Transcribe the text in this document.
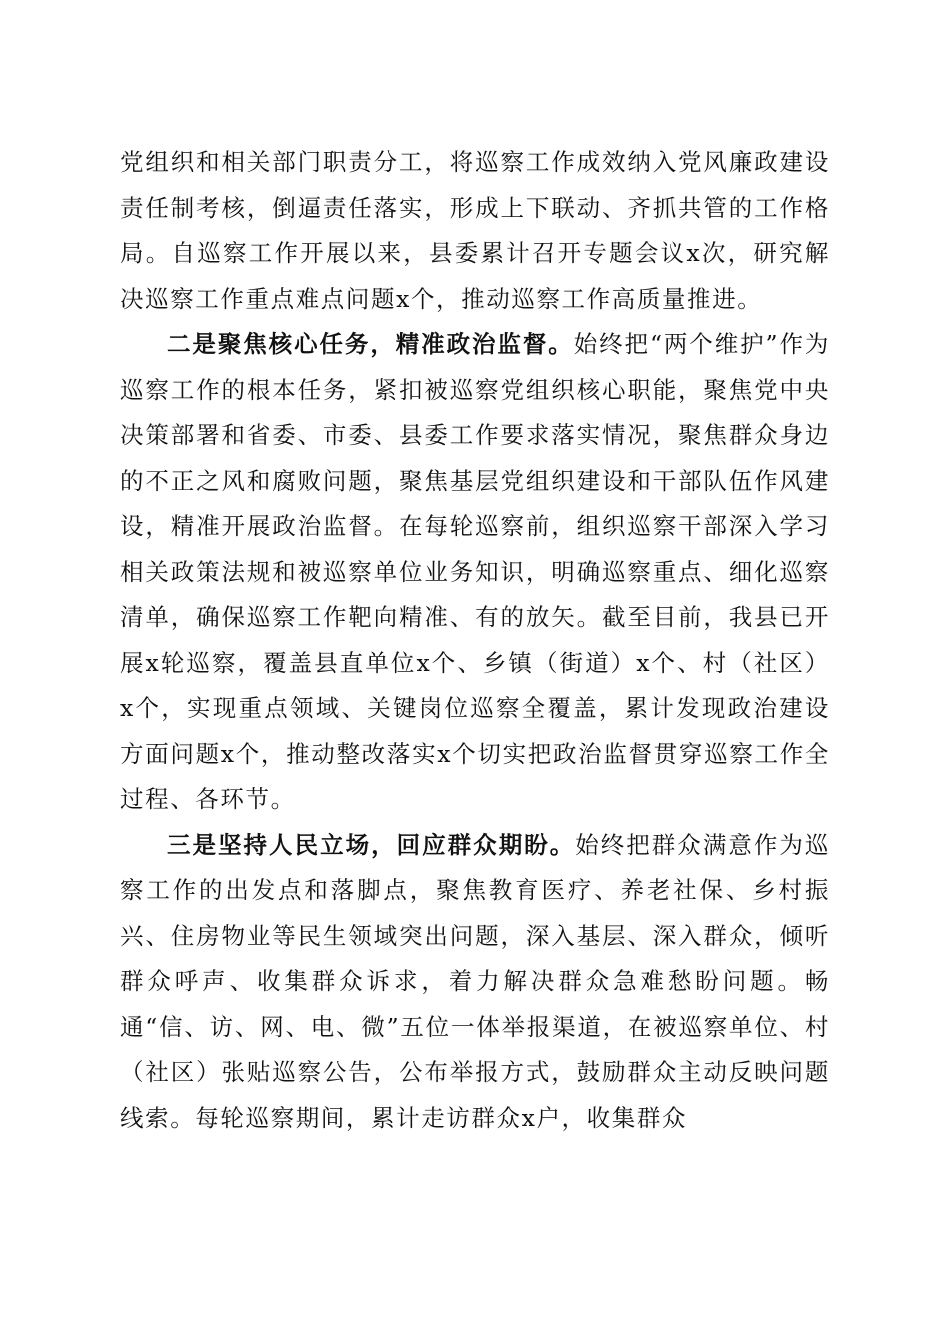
党组织和相关部门职责分工，将巡察工作成效纳入党风廉政建设责任制考核，倒逼责任落实，形成上下联动、齐抓共管的工作格局。自巡察工作开展以来，县委累计召开专题会议x次，研究解决巡察工作重点难点问题x个，推动巡察工作高质量推进。

二是聚焦核心任务，精准政治监督。始终把“两个维护”作为巡察工作的根本任务，紧扣被巡察党组织核心职能，聚焦党中央决策部署和省委、市委、县委工作要求落实情况，聚焦群众身边的不正之风和腐败问题，聚焦基层党组织建设和干部队伍作风建设，精准开展政治监督。在每轮巡察前，组织巡察干部深入学习相关政策法规和被巡察单位业务知识，明确巡察重点、细化巡察清单，确保巡察工作靶向精准、有的放矢。截至目前，我县已开展x轮巡察，覆盖县直单位x个、乡镇（街道）x个、村（社区）x个，实现重点领域、关键岗位巡察全覆盖，累计发现政治建设方面问题x个，推动整改落实x个切实把政治监督贯穿巡察工作全过程、各环节。

三是坚持人民立场，回应群众期盼。始终把群众满意作为巡察工作的出发点和落脚点，聚焦教育医疗、养老社保、乡村振兴、住房物业等民生领域突出问题，深入基层、深入群众，倾听群众呼声、收集群众诉求，着力解决群众急难愁盼问题。畅通“信、访、网、电、微”五位一体举报渠道，在被巡察单位、村（社区）张贴巡察公告，公布举报方式，鼓励群众主动反映问题线索。每轮巡察期间，累计走访群众x户，收集群众
